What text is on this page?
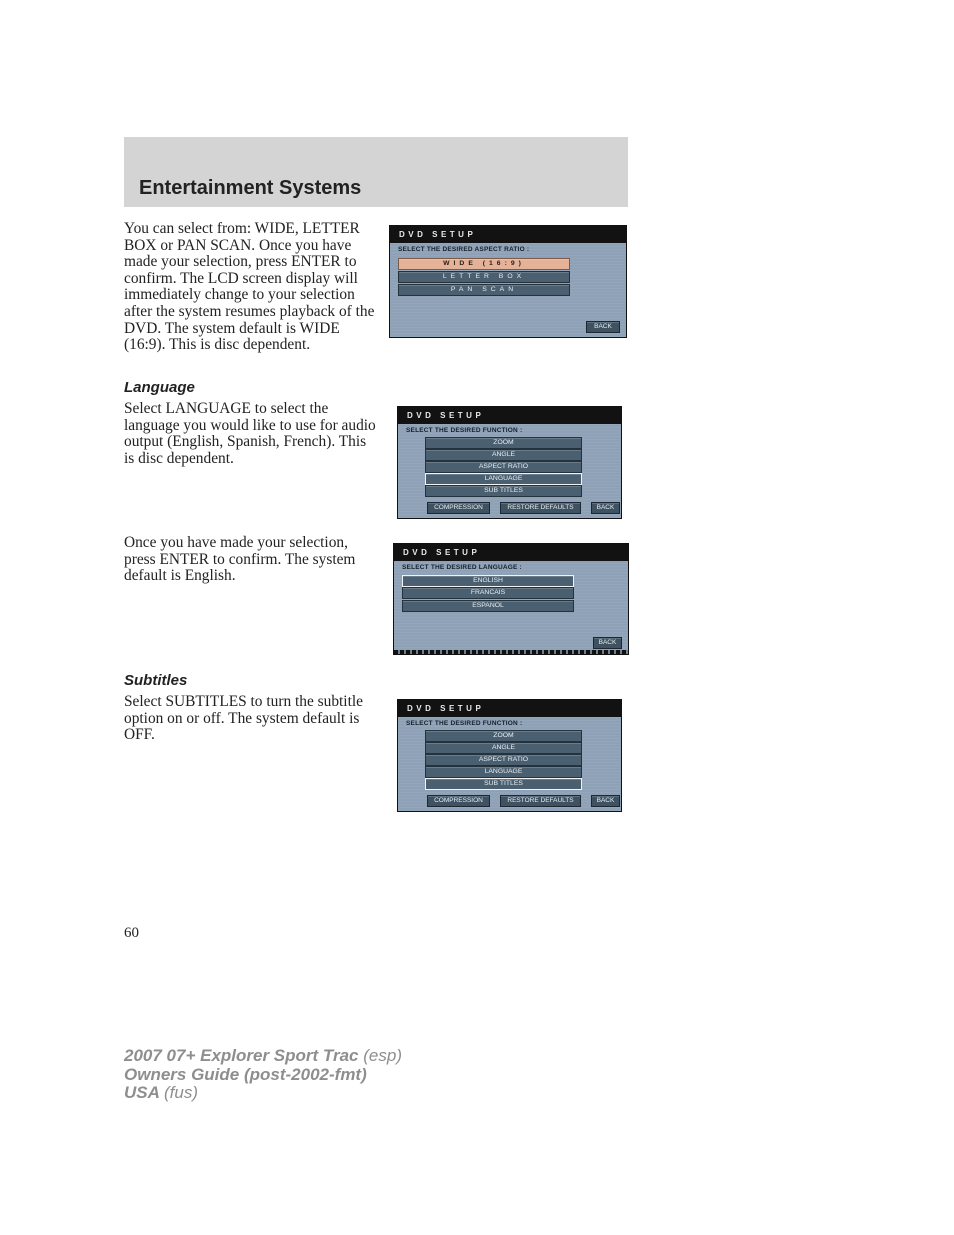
Entertainment Systems

You can select from: WIDE, LETTER BOX or PAN SCAN. Once you have made your selection, press ENTER to confirm. The LCD screen display will immediately change to your selection after the system resumes playback of the DVD. The system default is WIDE (16:9). This is disc dependent.

DVD SETUP
SELECT THE DESIRED ASPECT RATIO :
WIDE (16:9)
LETTER BOX
PAN SCAN
BACK
Language

Select LANGUAGE to select the language you would like to use for audio output (English, Spanish, French). This is disc dependent.

DVD SETUP
SELECT THE DESIRED FUNCTION :
ZOOM
ANGLE
ASPECT RATIO
LANGUAGE
SUB TITLES
COMPRESSION	RESTORE DEFAULTS	BACK

Once you have made your selection, press ENTER to confirm. The system default is English.

DVD SETUP
SELECT THE DESIRED LANGUAGE :
ENGLISH
FRANCAIS
ESPANOL
BACK
Subtitles

Select SUBTITLES to turn the subtitle option on or off. The system default is OFF.

DVD SETUP
SELECT THE DESIRED FUNCTION :
ZOOM
ANGLE
ASPECT RATIO
LANGUAGE
SUB TITLES
COMPRESSION	RESTORE DEFAULTS	BACK
60
2007 07+ Explorer Sport Trac (esp)
Owners Guide (post-2002-fmt)
USA (fus)
